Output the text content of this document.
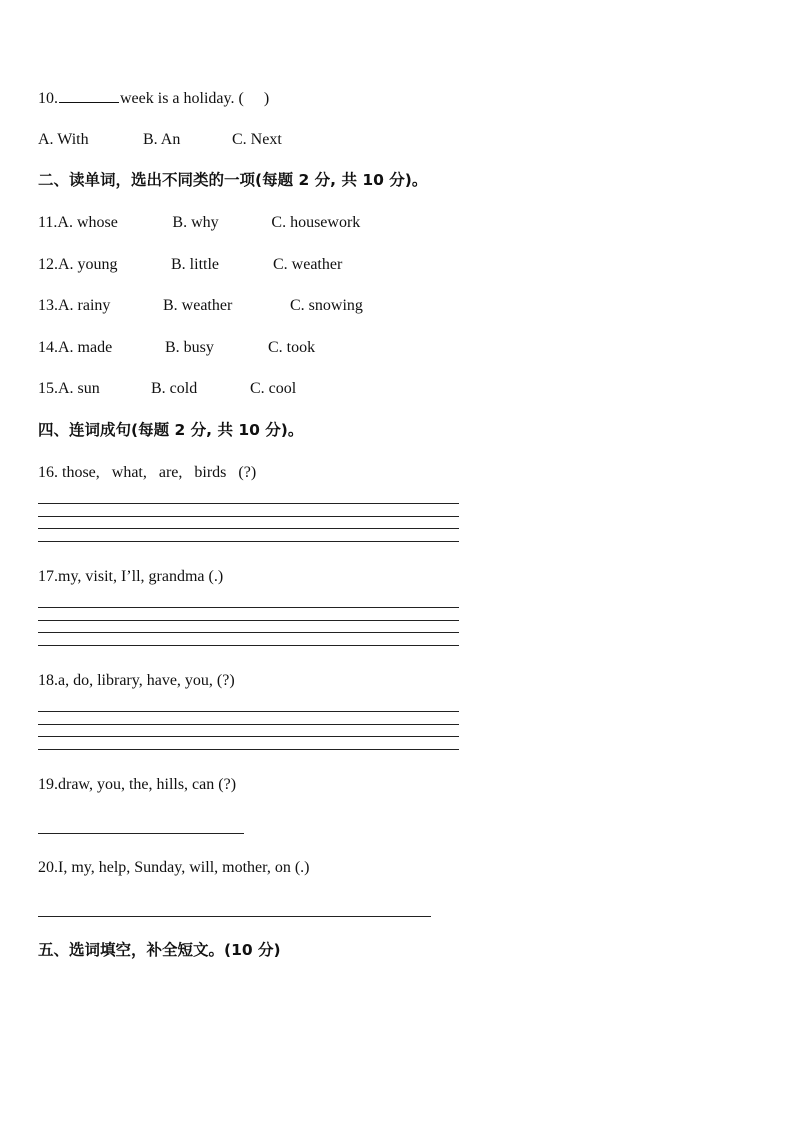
10.	week is a holiday. (     )
A. With	B. An	C. Next
二、读单词，选出不同类的一项(每题 2 分, 共 10 分)。
11.A. whose	B. why	C. housework
12.A. young	B. little	C. weather
13.A. rainy	B. weather	C. snowing
14.A. made	B. busy	C. took
15.A. sun	B. cold	C. cool
四、连词成句(每题 2 分, 共 10 分)。
16. those,   what,   are,   birds   (?)
17.my, visit, I’ll, grandma (.)
18.a, do, library, have, you, (?)
19.draw, you, the, hills, can (?)
20.I, my, help, Sunday, will, mother, on (.)
五、选词填空，补全短文。(10 分)
